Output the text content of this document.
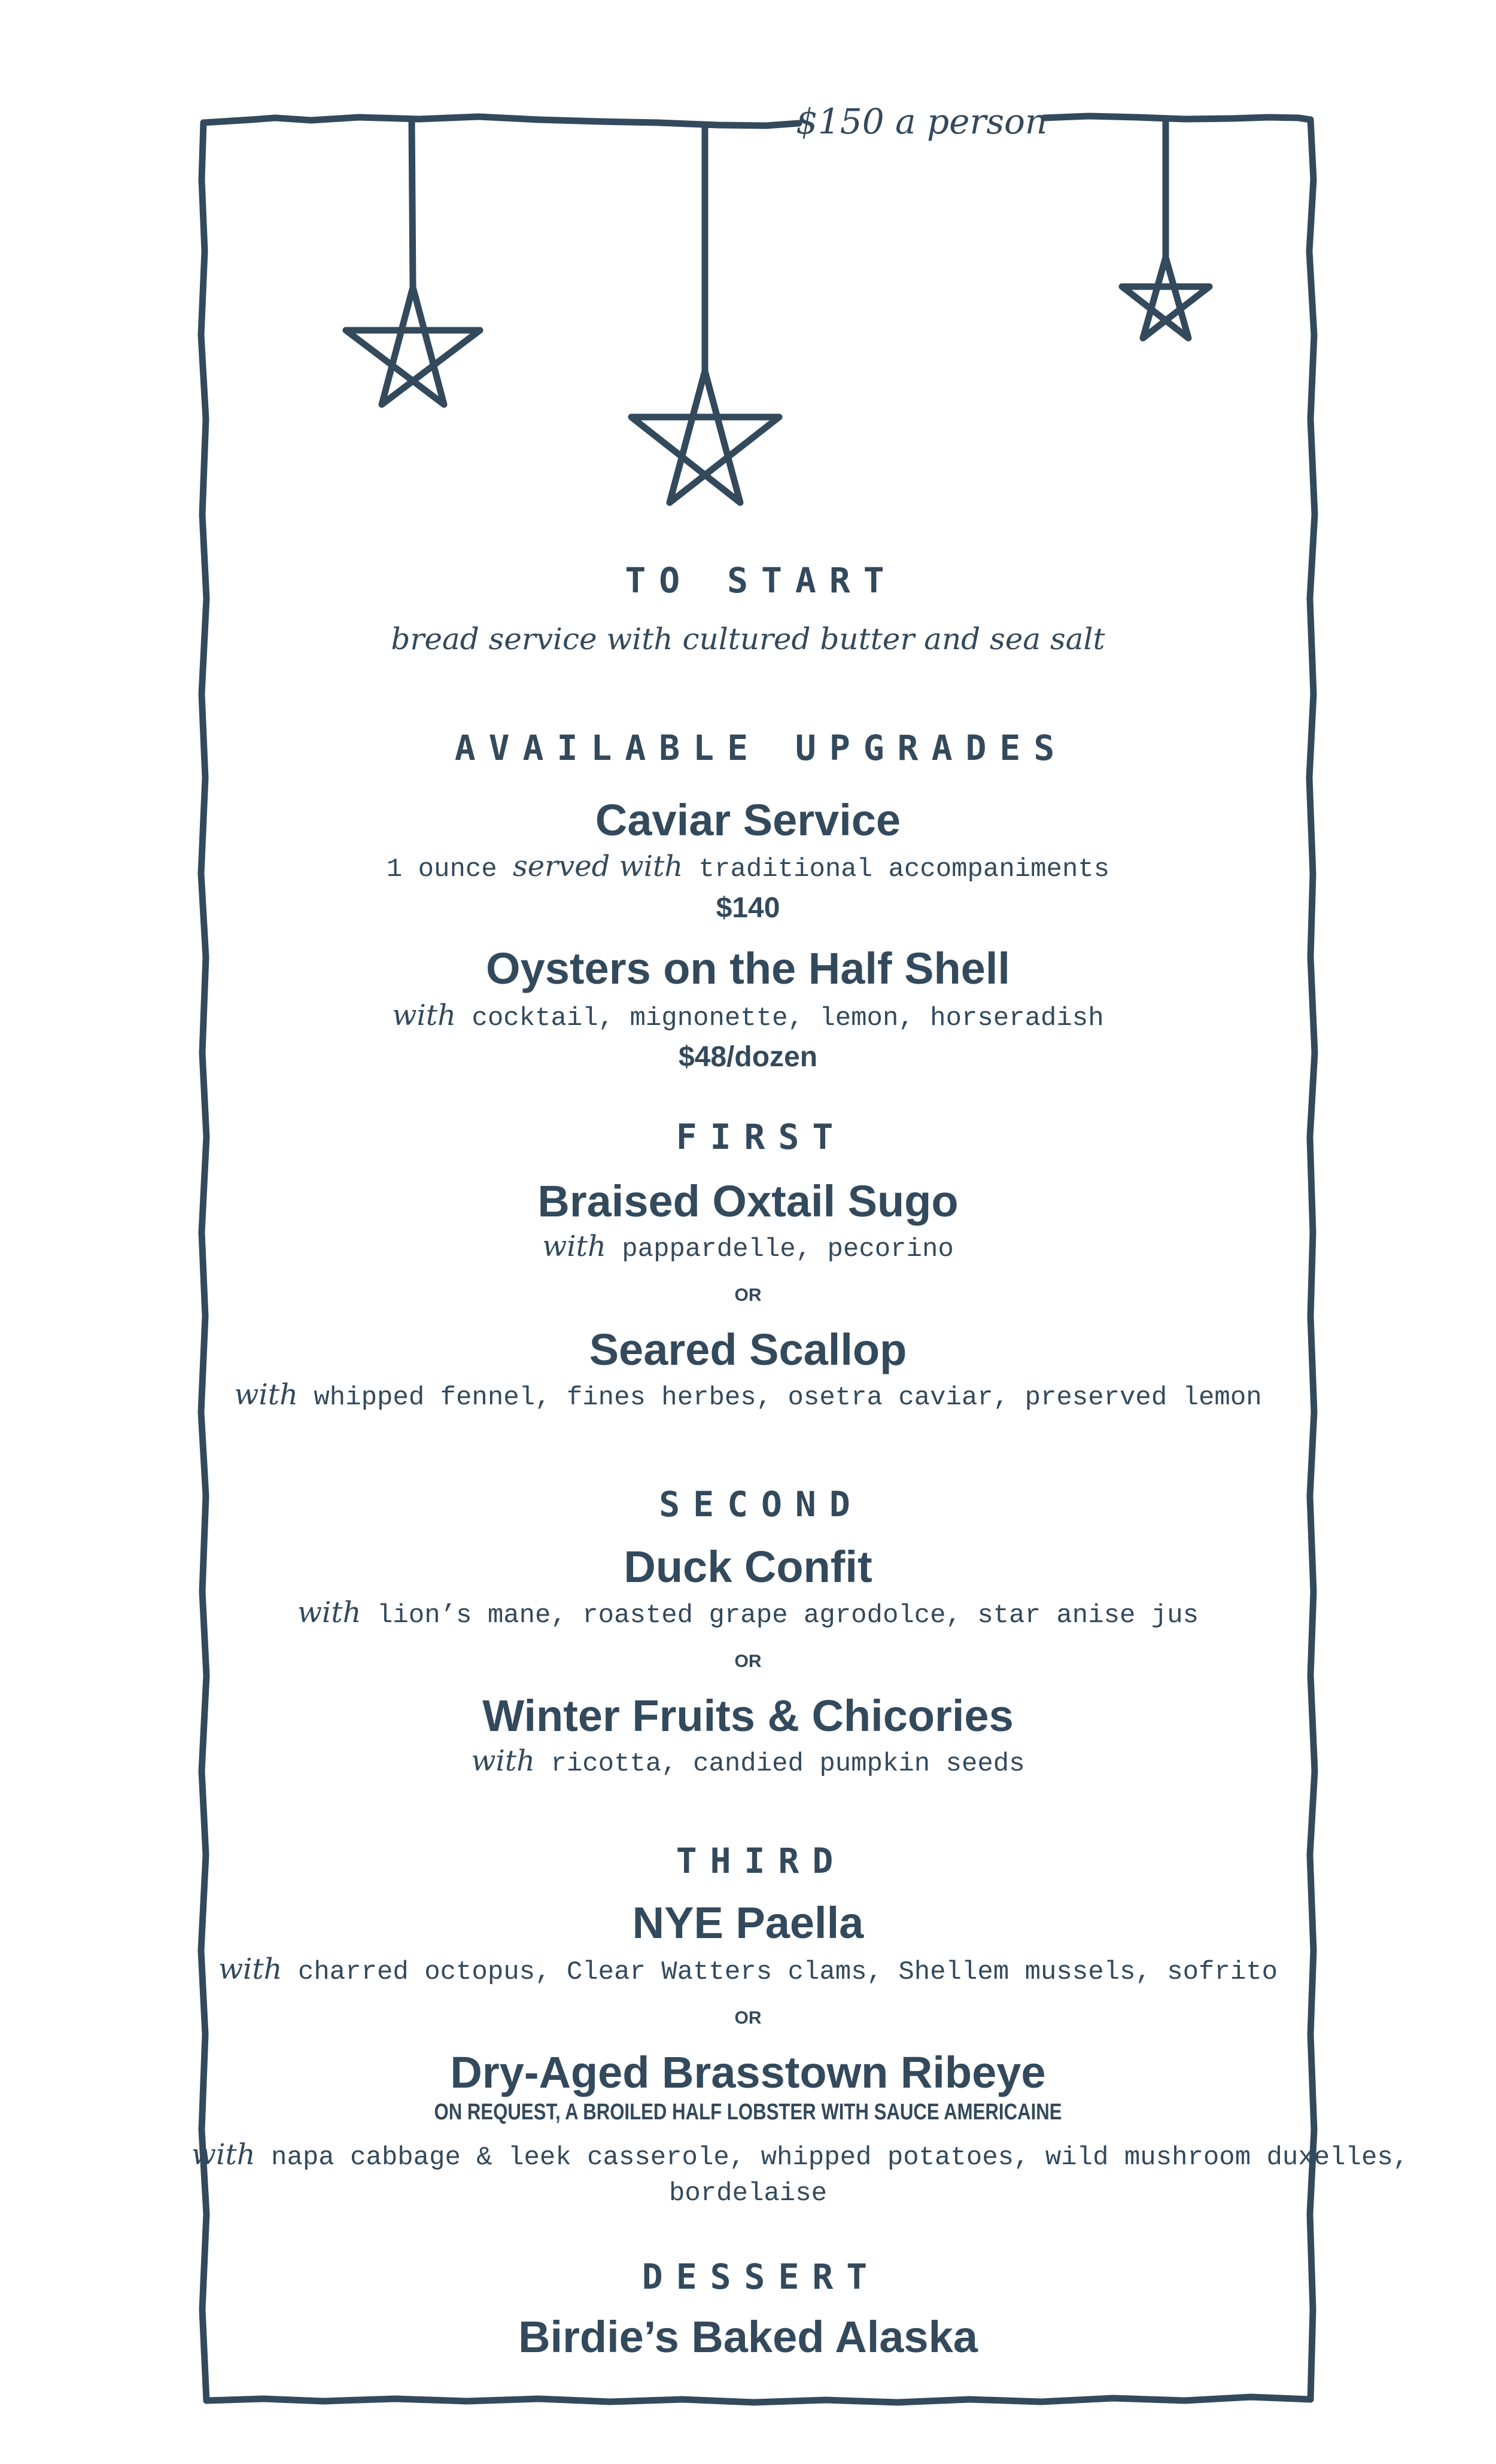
$150 a person
TO START
bread service with cultured butter and sea salt
AVAILABLE UPGRADES
Caviar Service
1 ounce served with traditional accompaniments
$140
Oysters on the Half Shell
with cocktail, mignonette, lemon, horseradish
$48/dozen
FIRST
Braised Oxtail Sugo
with pappardelle, pecorino
OR
Seared Scallop
with whipped fennel, fines herbes, osetra caviar, preserved lemon
SECOND
Duck Confit
with lion’s mane, roasted grape agrodolce, star anise jus
OR
Winter Fruits & Chicories
with ricotta, candied pumpkin seeds
THIRD
NYE Paella
with charred octopus, Clear Watters clams, Shellem mussels, sofrito
OR
Dry-Aged Brasstown Ribeye
ON REQUEST, A BROILED HALF LOBSTER WITH SAUCE AMERICAINE
with napa cabbage & leek casserole, whipped potatoes, wild mushroom duxelles,
bordelaise
DESSERT
Birdie’s Baked Alaska
